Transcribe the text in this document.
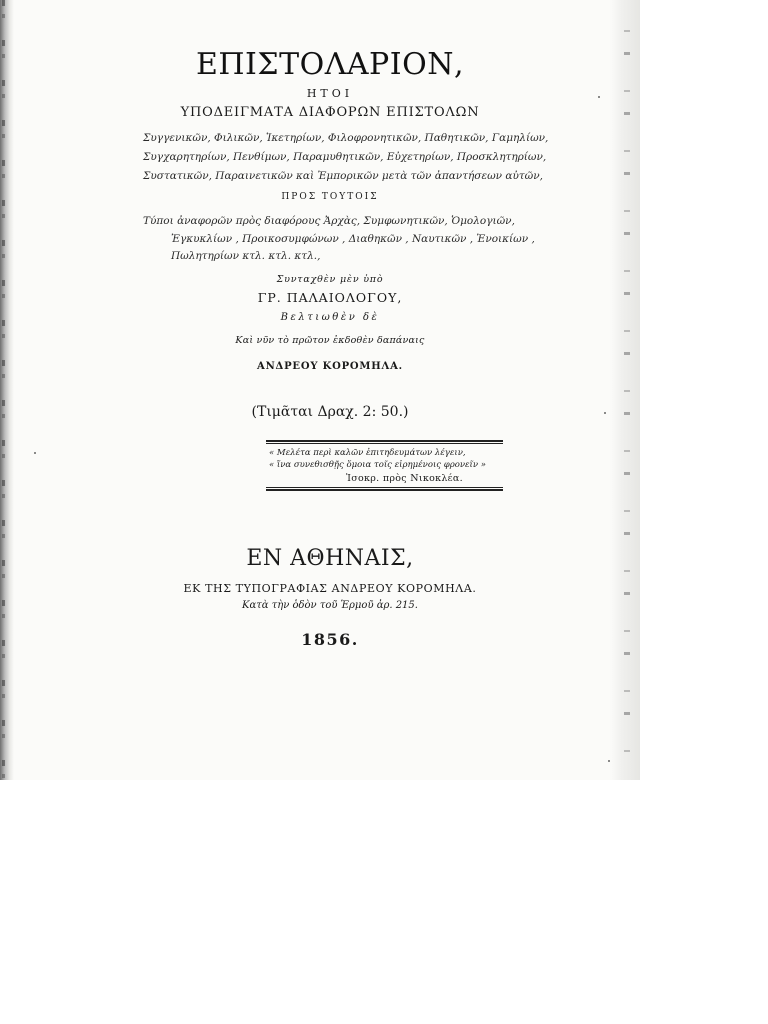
ΕΠΙΣΤΟΛΑΡΙΟΝ,
ΗΤΟΙ
ΥΠΟΔΕΙΓΜΑΤΑ ΔΙΑΦΟΡΩΝ ΕΠΙΣΤΟΛΩΝ
Συγγενικῶν, Φιλικῶν, Ἱκετηρίων, Φιλοφρονητικῶν, Παθητικῶν, Γαμηλίων,
Συγχαρητηρίων, Πενθίμων, Παραμυθητικῶν, Εὐχετηρίων, Προσκλητηρίων,
Συστατικῶν, Παραινετικῶν καὶ Ἐμπορικῶν μετὰ τῶν ἀπαντήσεων αὐτῶν,
ΠΡΟΣ ΤΟΥΤΟΙΣ
Τύποι ἀναφορῶν πρὸς διαφόρους Ἀρχὰς, Συμφωνητικῶν, Ὁμολογιῶν,
Ἐγκυκλίων , Προικοσυμφώνων , Διαθηκῶν , Ναυτικῶν , Ἐνοικίων ,
Πωλητηρίων κτλ. κτλ. κτλ.,
Συνταχθὲν μὲν ὑπὸ
ΓΡ. ΠΑΛΑΙΟΛΟΓΟΥ,
Βελτιωθὲν δὲ
Καὶ νῦν τὸ πρῶτον ἐκδοθὲν δαπάναις
ΑΝΔΡΕΟΥ ΚΟΡΟΜΗΛΑ.
(Τιμᾶται Δραχ. 2: 50.)
« Μελέτα περὶ καλῶν ἐπιτηδευμάτων λέγειν,
« ἵνα συνεθισθῇς ὅμοια τοῖς εἰρημένοις φρονεῖν »
Ἰσοκρ. πρὸς Νικοκλέα.
ΕΝ ΑΘΗΝΑΙΣ,
ΕΚ ΤΗΣ ΤΥΠΟΓΡΑΦΙΑΣ ΑΝΔΡΕΟΥ ΚΟΡΟΜΗΛΑ.
Κατὰ τὴν ὁδὸν τοῦ Ἑρμοῦ ἀρ. 215.
1856.
